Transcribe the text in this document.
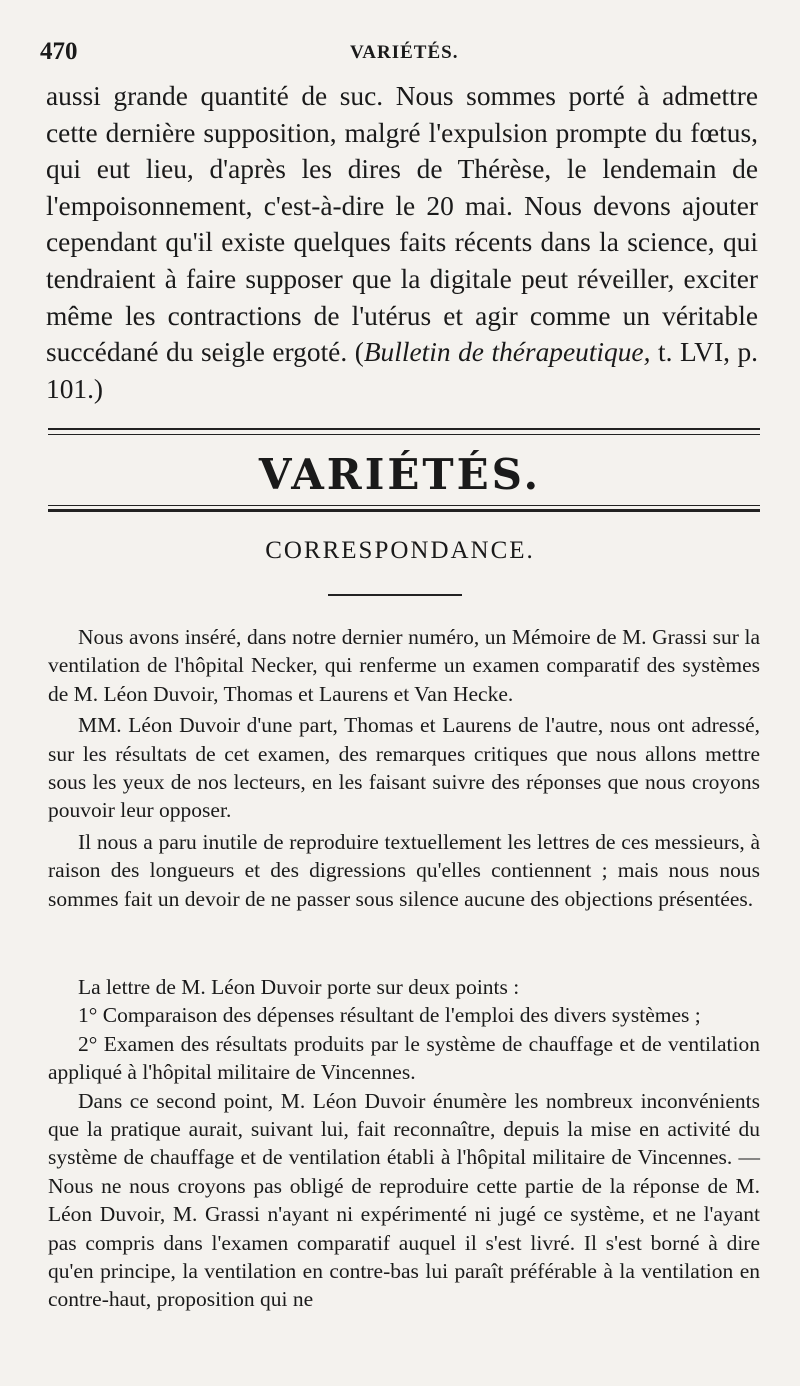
470	VARIÉTÉS.

aussi grande quantité de suc. Nous sommes porté à admettre cette dernière supposition, malgré l'expulsion prompte du fœtus, qui eut lieu, d'après les dires de Thérèse, le lendemain de l'empoisonnement, c'est-à-dire le 20 mai. Nous devons ajouter cependant qu'il existe quelques faits récents dans la science, qui tendraient à faire supposer que la digitale peut réveiller, exciter même les contractions de l'utérus et agir comme un véritable succédané du seigle ergoté. (Bulletin de thérapeutique, t. LVI, p. 101.)

VARIÉTÉS.
CORRESPONDANCE.

Nous avons inséré, dans notre dernier numéro, un Mémoire de M. Grassi sur la ventilation de l'hôpital Necker, qui renferme un examen comparatif des systèmes de M. Léon Duvoir, Thomas et Laurens et Van Hecke.

MM. Léon Duvoir d'une part, Thomas et Laurens de l'autre, nous ont adressé, sur les résultats de cet examen, des remarques critiques que nous allons mettre sous les yeux de nos lecteurs, en les faisant suivre des réponses que nous croyons pouvoir leur opposer.

Il nous a paru inutile de reproduire textuellement les lettres de ces messieurs, à raison des longueurs et des digressions qu'elles contiennent ; mais nous nous sommes fait un devoir de ne passer sous silence aucune des objections présentées.

La lettre de M. Léon Duvoir porte sur deux points :

1° Comparaison des dépenses résultant de l'emploi des divers systèmes ;

2° Examen des résultats produits par le système de chauffage et de ventilation appliqué à l'hôpital militaire de Vincennes.

Dans ce second point, M. Léon Duvoir énumère les nombreux inconvénients que la pratique aurait, suivant lui, fait reconnaître, depuis la mise en activité du système de chauffage et de ventilation établi à l'hôpital militaire de Vincennes. — Nous ne nous croyons pas obligé de reproduire cette partie de la réponse de M. Léon Duvoir, M. Grassi n'ayant ni expérimenté ni jugé ce système, et ne l'ayant pas compris dans l'examen comparatif auquel il s'est livré. Il s'est borné à dire qu'en principe, la ventilation en contre-bas lui paraît préférable à la ventilation en contre-haut, proposition qui ne
